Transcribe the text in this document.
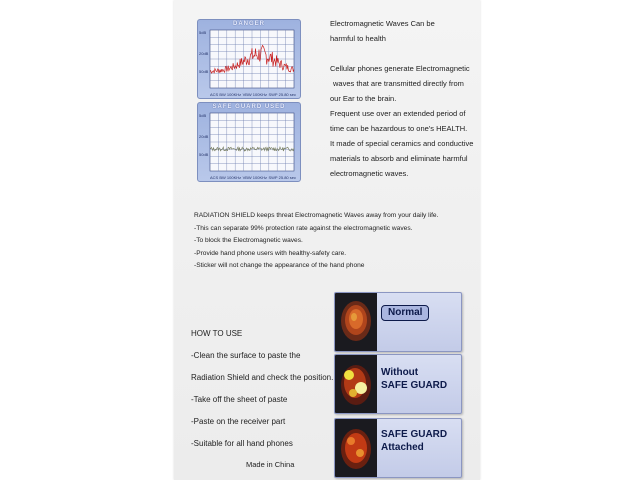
5dB
20dB
50dB
DANGER
ACS BW 100KHz VBW 100KHz SWP 25.80 sec
5dB
20dB
50dB
SAFE GUARD USED
ACS BW 100KHz VBW 100KHz SWP 25.80 sec

Electromagnetic Waves Can be

harmful to health

Cellular phones generate Electromagnetic

waves that are transmitted directly from

our Ear to the brain.

Frequent use over an extended period of

time can be hazardous to one's HEALTH.

It made of special ceramics and conductive

materials to absorb and eliminate harmful

electromagnetic waves.

RADIATION SHIELD keeps threat Electromagnetic Waves away from your daily life.

-This can separate 99% protection rate against the electromagnetic waves.

-To block the Electromagnetic waves.

-Provide hand phone users with healthy-safety care.

-Sticker will not change the appearance of the hand phone

HOW TO USE

-Clean the surface to paste the

Radiation Shield and check the position.

-Take off the sheet of paste

-Paste on the receiver part

-Suitable for all hand phones

Made in China
Normal
Without
SAFE GUARD
SAFE GUARD
Attached
